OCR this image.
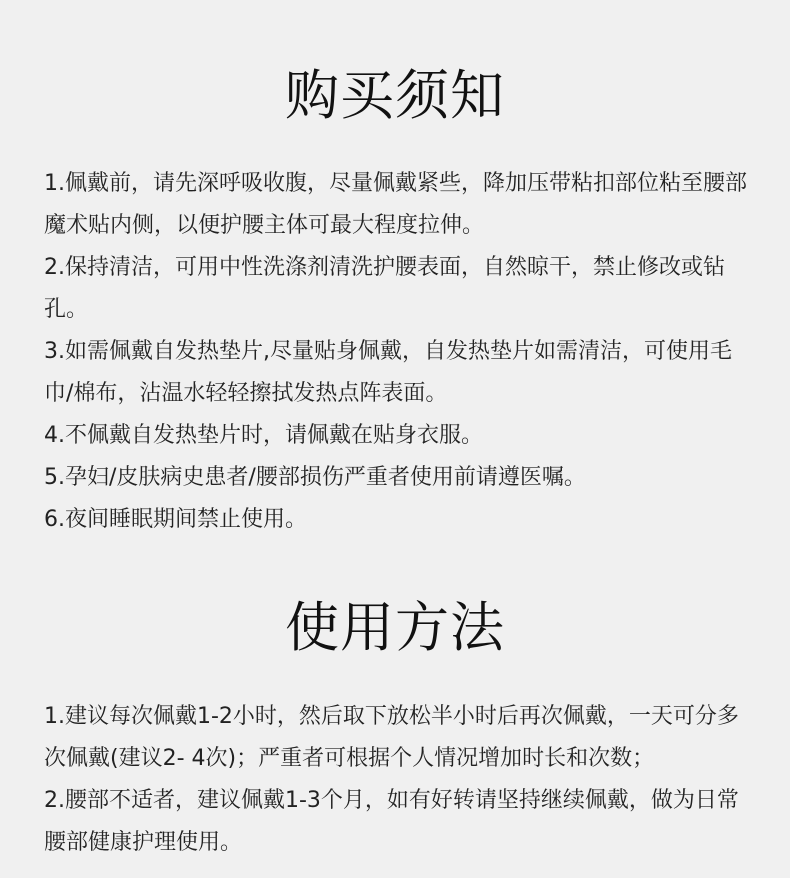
购买须知

1.佩戴前，请先深呼吸收腹，尽量佩戴紧些，降加压带粘扣部位粘至腰部魔术贴内侧，以便护腰主体可最大程度拉伸。

2.保持清洁，可用中性洗涤剂清洗护腰表面，自然晾干，禁止修改或钻孔。

3.如需佩戴自发热垫片,尽量贴身佩戴，自发热垫片如需清洁，可使用毛巾/棉布，沾温水轻轻擦拭发热点阵表面。

4.不佩戴自发热垫片时，请佩戴在贴身衣服。

5.孕妇/皮肤病史患者/腰部损伤严重者使用前请遵医嘱。

6.夜间睡眠期间禁止使用。

使用方法

1.建议每次佩戴1-2小时，然后取下放松半小时后再次佩戴，一天可分多次佩戴(建议2- 4次)；严重者可根据个人情况增加时长和次数；

2.腰部不适者，建议佩戴1-3个月，如有好转请坚持继续佩戴，做为日常腰部健康护理使用。
